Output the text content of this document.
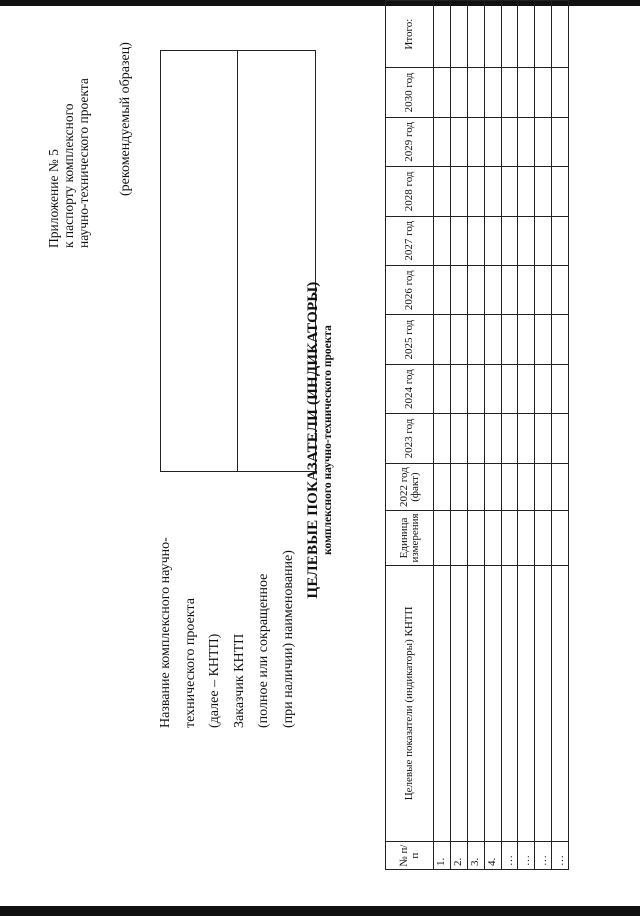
Приложение № 5 к паспорту комплексного научно-технического проекта (рекомендуемый образец)
Название комплексного научно- технического проекта (далее – КНТП) Заказчик КНТП (полное или сокращенное (при наличии) наименование)
ЦЕЛЕВЫЕ ПОКАЗАТЕЛИ (ИНДИКАТОРЫ) комплексного научно-технического проекта
№ п/п	Целевые показатели (индикаторы) КНТП	Единица измерения	2022 год (факт)	2023 год	2024 год	2025 год	2026 год	2027 год	2028 год	2029 год	2030 год	Итого:

1.												
2.												
3.												
4.												
…												
…												
…												
…												
